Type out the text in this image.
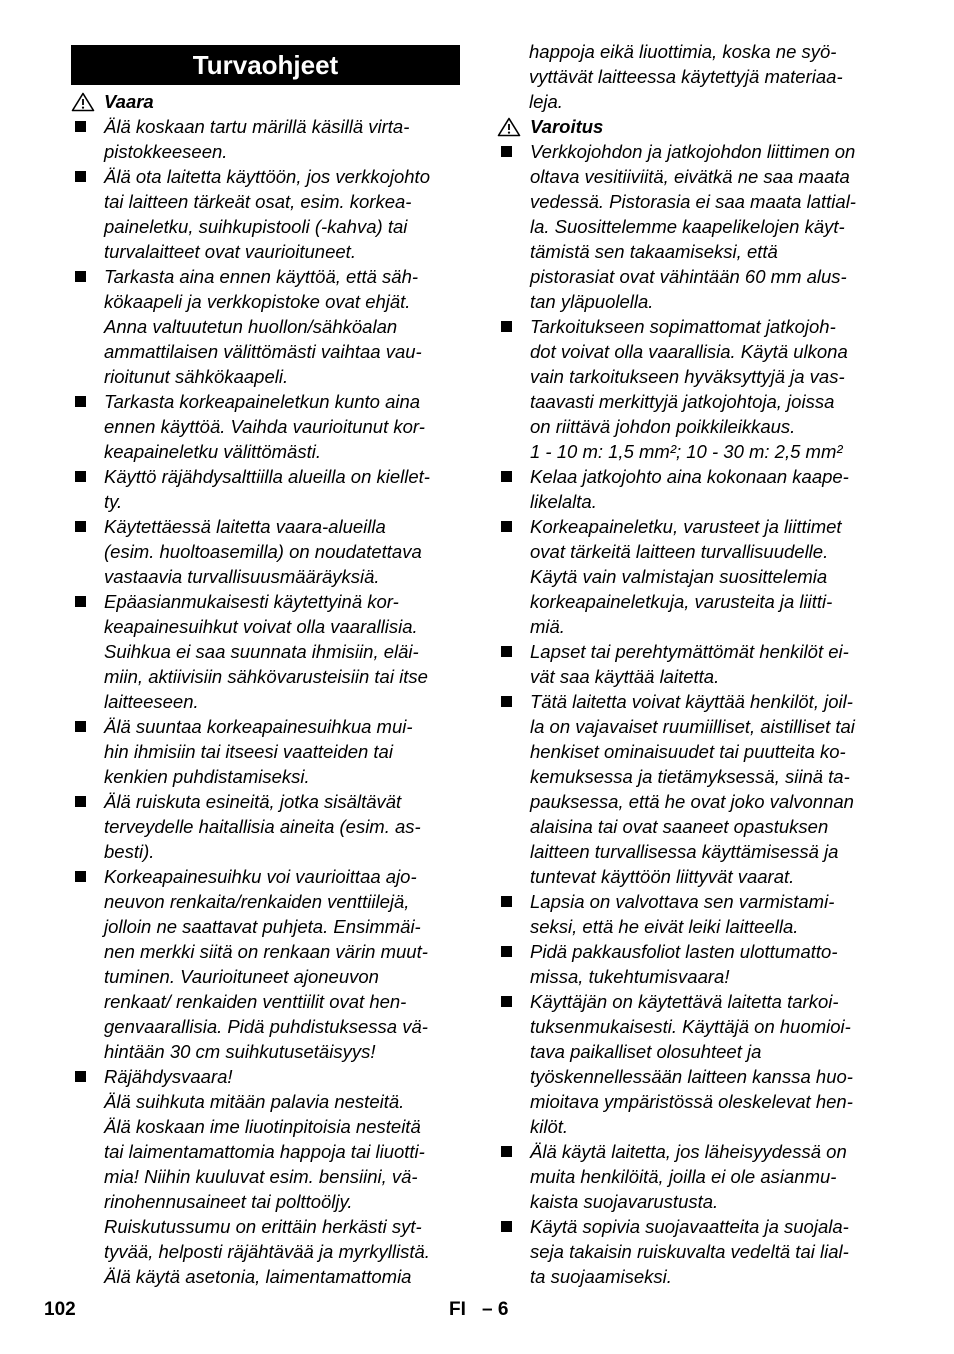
Turvaohjeet
Vaara
Älä koskaan tartu märillä käsillä virta-
pistokkeeseen.
Älä ota laitetta käyttöön, jos verkkojohto
tai laitteen tärkeät osat, esim. korkea-
paineletku, suihkupistooli (-kahva) tai
turvalaitteet ovat vaurioituneet.
Tarkasta aina ennen käyttöä, että säh-
kökaapeli ja verkkopistoke ovat ehjät.
Anna valtuutetun huollon/sähköalan
ammattilaisen välittömästi vaihtaa vau-
rioitunut sähkökaapeli.
Tarkasta korkeapaineletkun kunto aina
ennen käyttöä. Vaihda vaurioitunut kor-
keapaineletku välittömästi.
Käyttö räjähdysalttiilla alueilla on kiellet-
ty.
Käytettäessä laitetta vaara-alueilla
(esim. huoltoasemilla) on noudatettava
vastaavia turvallisuusmääräyksiä.
Epäasianmukaisesti käytettyinä kor-
keapainesuihkut voivat olla vaarallisia.
Suihkua ei saa suunnata ihmisiin, eläi-
miin, aktiivisiin sähkövarusteisiin tai itse
laitteeseen.
Älä suuntaa korkeapainesuihkua mui-
hin ihmisiin tai itseesi vaatteiden tai
kenkien puhdistamiseksi.
Älä ruiskuta esineitä, jotka sisältävät
terveydelle haitallisia aineita (esim. as-
besti).
Korkeapainesuihku voi vaurioittaa ajo-
neuvon renkaita/renkaiden venttiilejä,
jolloin ne saattavat puhjeta. Ensimmäi-
nen merkki siitä on renkaan värin muut-
tuminen. Vaurioituneet ajoneuvon
renkaat/ renkaiden venttiilit ovat hen-
genvaarallisia. Pidä puhdistuksessa vä-
hintään 30 cm suihkutusetäisyys!
Räjähdysvaara!
Älä suihkuta mitään palavia nesteitä.
Älä koskaan ime liuotinpitoisia nesteitä
tai laimentamattomia happoja tai liuotti-
mia! Niihin kuuluvat esim. bensiini, vä-
rinohennusaineet tai polttoöljy.
Ruiskutussumu on erittäin herkästi syt-
tyvää, helposti räjähtävää ja myrkyllistä.
Älä käytä asetonia, laimentamattomia
happoja eikä liuottimia, koska ne syö-
vyttävät laitteessa käytettyjä materiaa-
leja.
Varoitus
Verkkojohdon ja jatkojohdon liittimen on
oltava vesitiiviitä, eivätkä ne saa maata
vedessä. Pistorasia ei saa maata lattial-
la. Suosittelemme kaapelikelojen käyt-
tämistä sen takaamiseksi, että
pistorasiat ovat vähintään 60 mm alus-
tan yläpuolella.
Tarkoitukseen sopimattomat jatkojoh-
dot voivat olla vaarallisia. Käytä ulkona
vain tarkoitukseen hyväksyttyjä ja vas-
taavasti merkittyjä jatkojohtoja, joissa
on riittävä johdon poikkileikkaus.
1 - 10 m: 1,5 mm²; 10 - 30 m: 2,5 mm²
Kelaa jatkojohto aina kokonaan kaape-
likelalta.
Korkeapaineletku, varusteet ja liittimet
ovat tärkeitä laitteen turvallisuudelle.
Käytä vain valmistajan suosittelemia
korkeapaineletkuja, varusteita ja liitti-
miä.
Lapset tai perehtymättömät henkilöt ei-
vät saa käyttää laitetta.
Tätä laitetta voivat käyttää henkilöt, joil-
la on vajavaiset ruumiilliset, aistilliset tai
henkiset ominaisuudet tai puutteita ko-
kemuksessa ja tietämyksessä, siinä ta-
pauksessa, että he ovat joko valvonnan
alaisina tai ovat saaneet opastuksen
laitteen turvallisessa käyttämisessä ja
tuntevat käyttöön liittyvät vaarat.
Lapsia on valvottava sen varmistami-
seksi, että he eivät leiki laitteella.
Pidä pakkausfoliot lasten ulottumatto-
missa, tukehtumisvaara!
Käyttäjän on käytettävä laitetta tarkoi-
tuksenmukaisesti. Käyttäjä on huomioi-
tava paikalliset olosuhteet ja
työskennellessään laitteen kanssa huo-
mioitava ympäristössä oleskelevat hen-
kilöt.
Älä käytä laitetta, jos läheisyydessä on
muita henkilöitä, joilla ei ole asianmu-
kaista suojavarustusta.
Käytä sopivia suojavaatteita ja suojala-
seja takaisin ruiskuvalta vedeltä tai lial-
ta suojaamiseksi.
102	FI – 6
